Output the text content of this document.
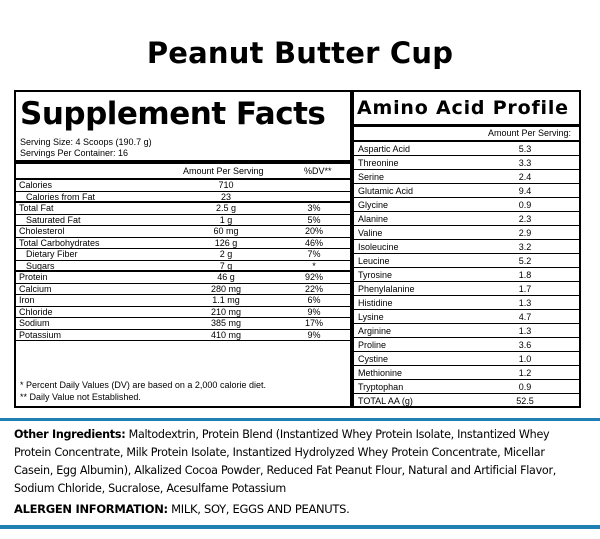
Peanut Butter Cup
Supplement Facts
Serving Size: 4 Scoops (190.7 g)
Servings Per Container: 16
Amount Per Serving	%DV**
Calories	710
Calories from Fat	23
Total Fat	2.5 g	3%
Saturated Fat	1 g	5%
Cholesterol	60 mg	20%
Total Carbohydrates	126 g	46%
Dietary Fiber	2 g	7%
Sugars	7 g	*
Protein	46 g	92%
Calcium	280 mg	22%
Iron	1.1 mg	6%
Chloride	210 mg	9%
Sodium	385 mg	17%
Potassium	410 mg	9%
* Percent Daily Values (DV) are based on a 2,000 calorie diet.
** Daily Value not Established.
Amino Acid Profile
Amount Per Serving:
Aspartic Acid	5.3
Threonine	3.3
Serine	2.4
Glutamic Acid	9.4
Glycine	0.9
Alanine	2.3
Valine	2.9
Isoleucine	3.2
Leucine	5.2
Tyrosine	1.8
Phenylalanine	1.7
Histidine	1.3
Lysine	4.7
Arginine	1.3
Proline	3.6
Cystine	1.0
Methionine	1.2
Tryptophan	0.9
TOTAL AA (g)	52.5
Other Ingredients: Maltodextrin, Protein Blend (Instantized Whey Protein Isolate, Instantized Whey Protein Concentrate, Milk Protein Isolate, Instantized Hydrolyzed Whey Protein Concentrate, Micellar Casein, Egg Albumin), Alkalized Cocoa Powder, Reduced Fat Peanut Flour, Natural and Artificial Flavor, Sodium Chloride, Sucralose, Acesulfame Potassium
ALERGEN INFORMATION: MILK, SOY, EGGS AND PEANUTS.
